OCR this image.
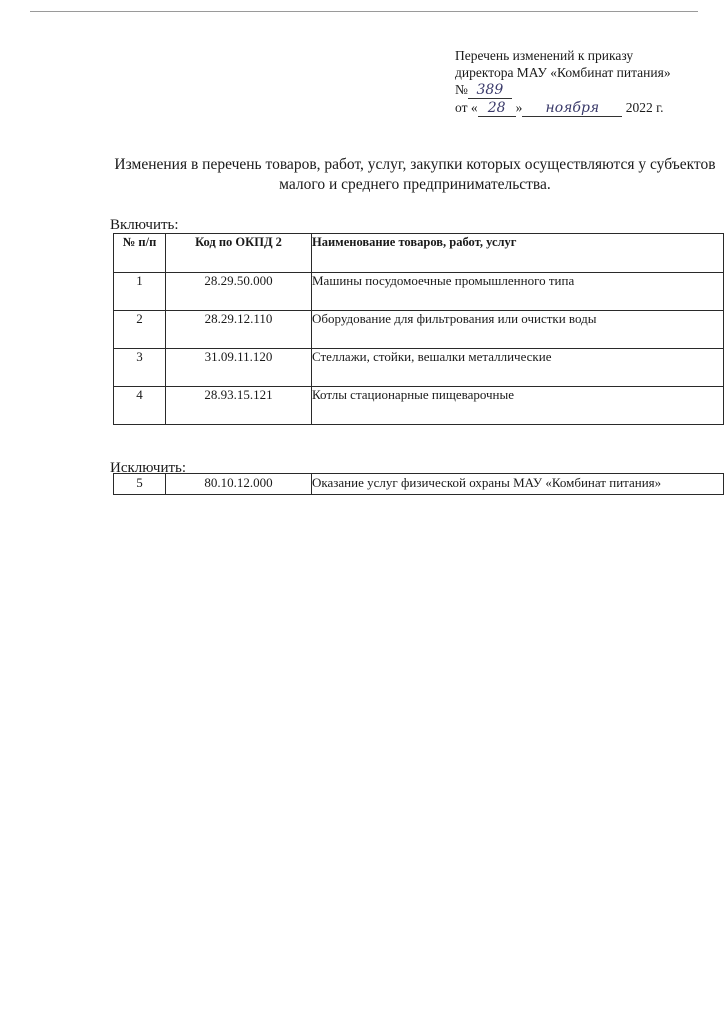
Перечень изменений к приказу
директора МАУ «Комбинат питания»
№ 389
от « 28 » ноября 2022 г.
Изменения в перечень товаров, работ, услуг, закупки которых осуществляются у субъектов малого и среднего предпринимательства.
Включить:
№ п/п	Код по ОКПД 2	Наименование товаров, работ, услуг
1	28.29.50.000	Машины посудомоечные промышленного типа
2	28.29.12.110	Оборудование для фильтрования или очистки воды
3	31.09.11.120	Стеллажи, стойки, вешалки металлические
4	28.93.15.121	Котлы стационарные пищеварочные
Исключить:
5	80.10.12.000	Оказание услуг физической охраны МАУ «Комбинат питания»
